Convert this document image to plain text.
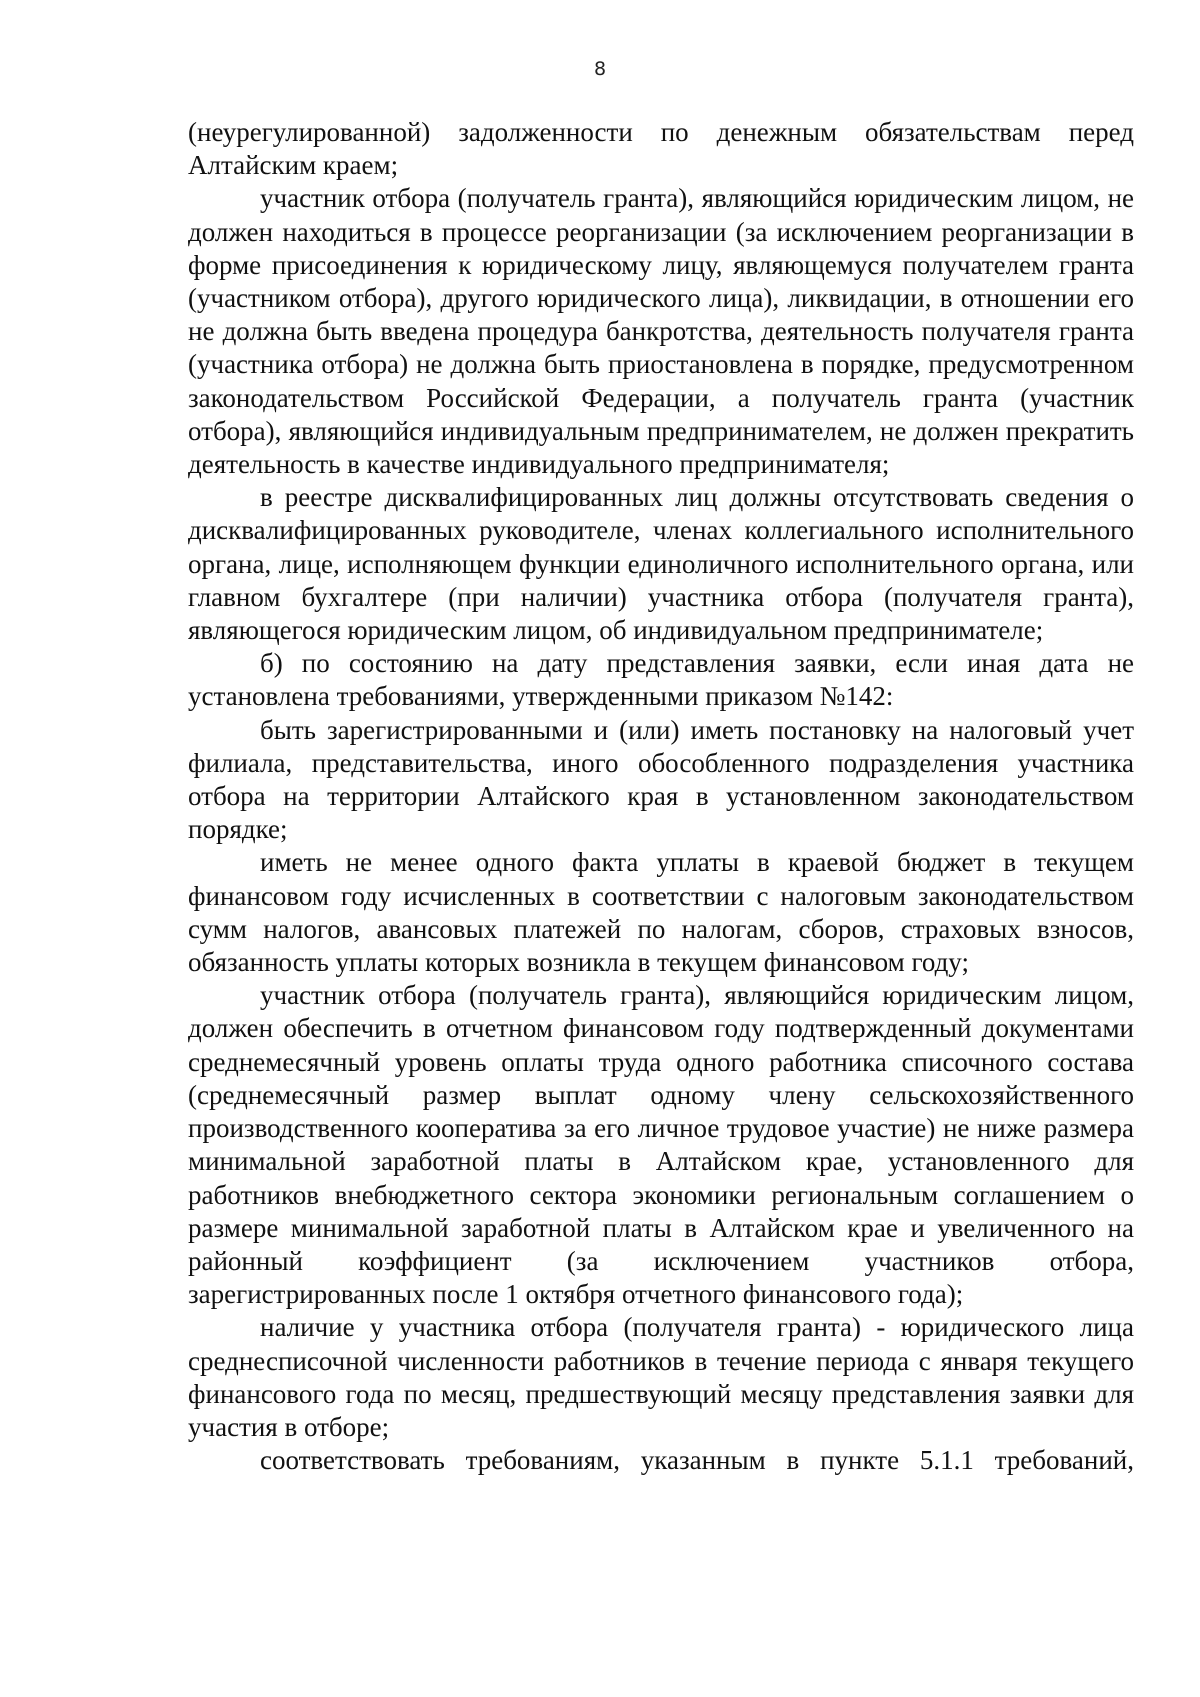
8

(неурегулированной) задолженности по денежным обязательствам перед Алтайским краем;

участник отбора (получатель гранта), являющийся юридическим лицом, не должен находиться в процессе реорганизации (за исключением реорганизации в форме присоединения к юридическому лицу, являющемуся получателем гранта (участником отбора), другого юридического лица), ликвидации, в отношении его не должна быть введена процедура банкротства, деятельность получателя гранта (участника отбора) не должна быть приостановлена в порядке, предусмотренном законодательством Российской Федерации, а получатель гранта (участник отбора), являющийся индивидуальным предпринимателем, не должен прекратить деятельность в качестве индивидуального предпринимателя;

в реестре дисквалифицированных лиц должны отсутствовать сведения о дисквалифицированных руководителе, членах коллегиального исполнительного органа, лице, исполняющем функции единоличного исполнительного органа, или главном бухгалтере (при наличии) участника отбора (получателя гранта), являющегося юридическим лицом, об индивидуальном предпринимателе;

б) по состоянию на дату представления заявки, если иная дата не установлена требованиями, утвержденными приказом №142:

быть зарегистрированными и (или) иметь постановку на налоговый учет филиала, представительства, иного обособленного подразделения участника отбора на территории Алтайского края в установленном законодательством порядке;

иметь не менее одного факта уплаты в краевой бюджет в текущем финансовом году исчисленных в соответствии с налоговым законодательством сумм налогов, авансовых платежей по налогам, сборов, страховых взносов, обязанность уплаты которых возникла в текущем финансовом году;

участник отбора (получатель гранта), являющийся юридическим лицом, должен обеспечить в отчетном финансовом году подтвержденный документами среднемесячный уровень оплаты труда одного работника списочного состава (среднемесячный размер выплат одному члену сельскохозяйственного производственного кооператива за его личное трудовое участие) не ниже размера минимальной заработной платы в Алтайском крае, установленного для работников внебюджетного сектора экономики региональным соглашением о размере минимальной заработной платы в Алтайском крае и увеличенного на районный коэффициент (за исключением участников отбора, зарегистрированных после 1 октября отчетного финансового года);

наличие у участника отбора (получателя гранта) - юридического лица среднесписочной численности работников в течение периода с января текущего финансового года по месяц, предшествующий месяцу представления заявки для участия в отборе;

соответствовать требованиям, указанным в пункте 5.1.1 требований,
